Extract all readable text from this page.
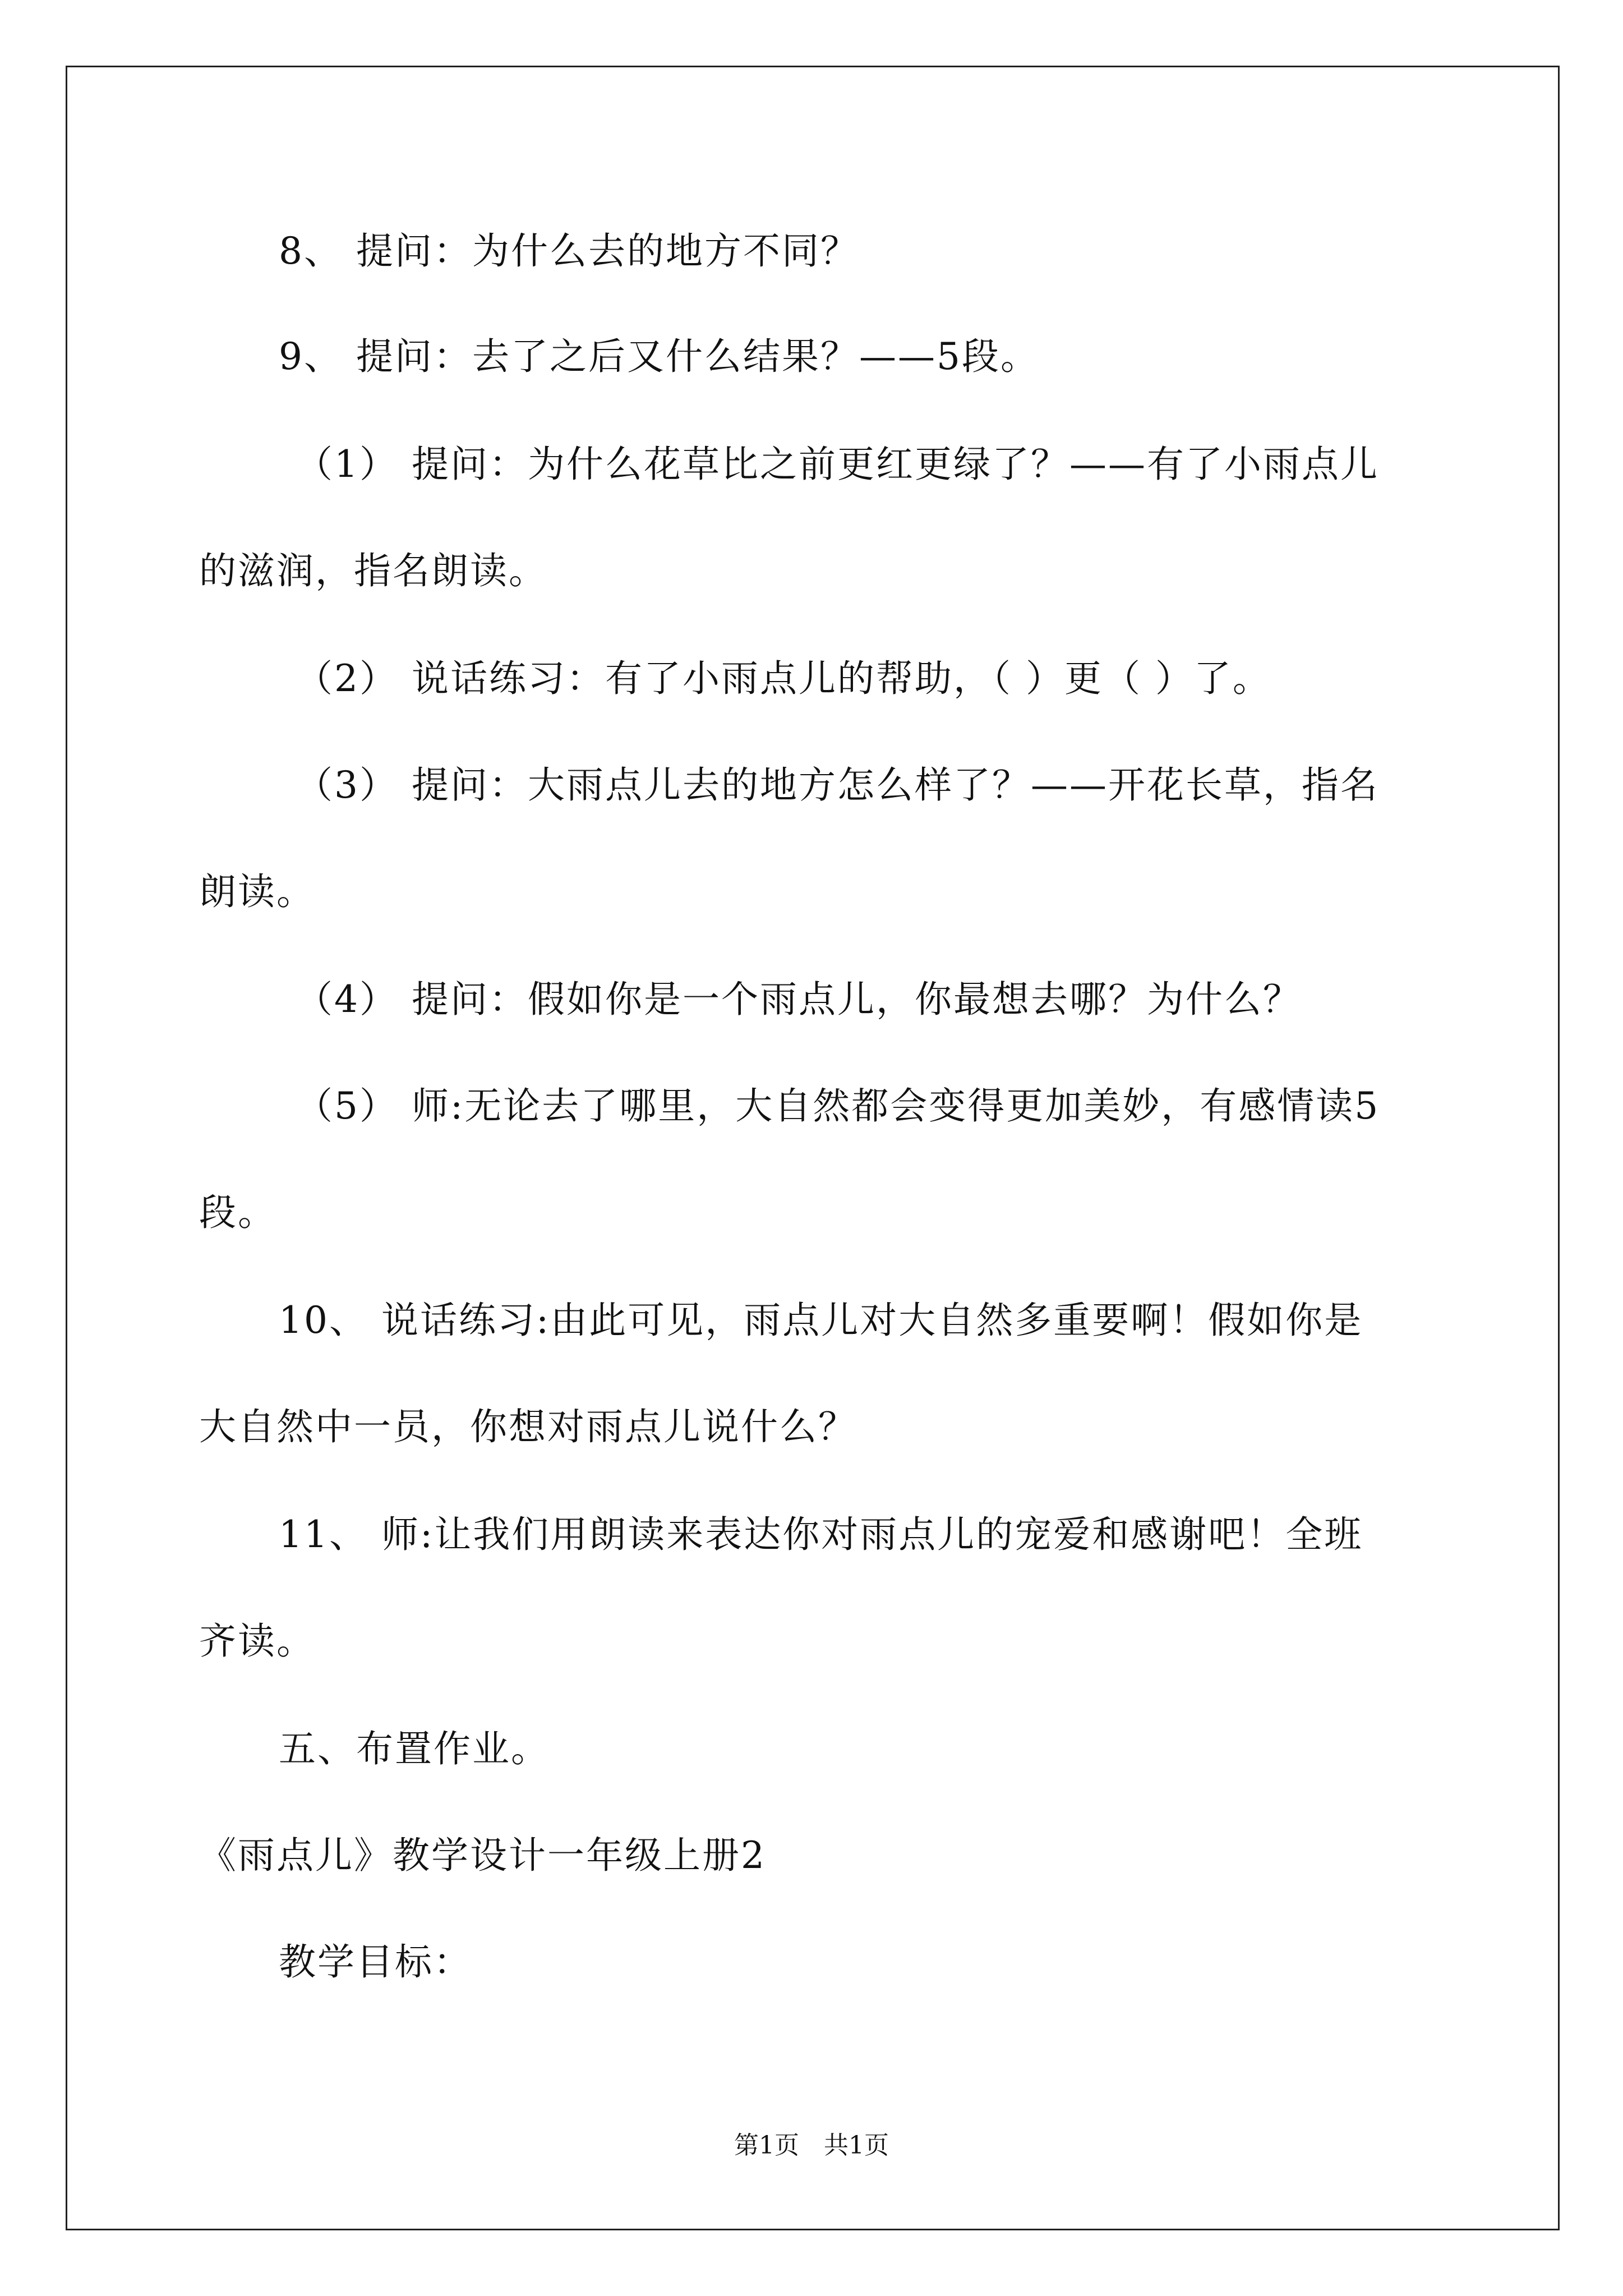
8、 提问：为什么去的地方不同？
9、 提问：去了之后又什么结果？——5段。
（1） 提问：为什么花草比之前更红更绿了？——有了小雨点儿
的滋润，指名朗读。
（2） 说话练习：有了小雨点儿的帮助，（ ）更（ ）了。
（3） 提问：大雨点儿去的地方怎么样了？——开花长草，指名
朗读。
（4） 提问：假如你是一个雨点儿，你最想去哪？为什么？
（5） 师:无论去了哪里，大自然都会变得更加美妙，有感情读5
段。
10、 说话练习:由此可见，雨点儿对大自然多重要啊！假如你是
大自然中一员，你想对雨点儿说什么？
11、 师:让我们用朗读来表达你对雨点儿的宠爱和感谢吧！全班
齐读。
五、布置作业。
《雨点儿》教学设计一年级上册2
教学目标：
第1页　共1页
